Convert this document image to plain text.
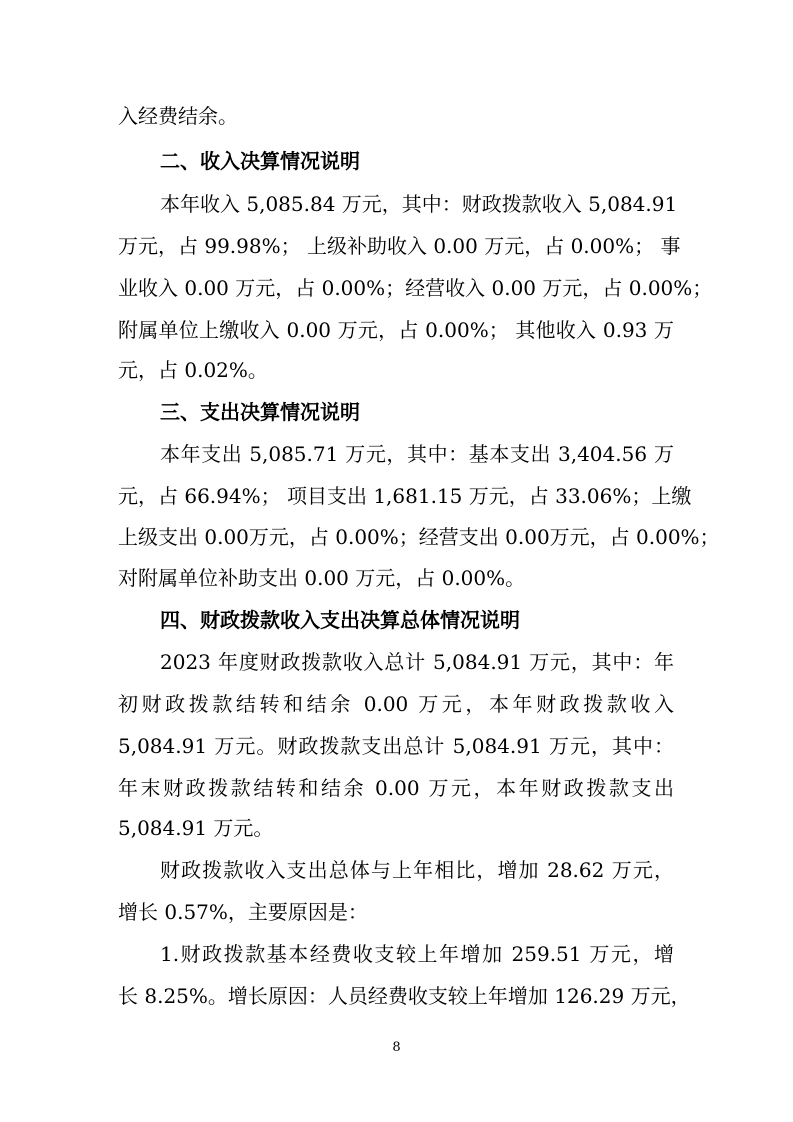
入经费结余。
二、收入决算情况说明
本年收入 5,085.84 万元，其中：财政拨款收入 5,084.91
万元，占 99.98%； 上级补助收入 0.00 万元，占 0.00%； 事
业收入 0.00 万元，占 0.00%；经营收入 0.00 万元，占 0.00%；
附属单位上缴收入 0.00 万元，占 0.00%； 其他收入 0.93 万
元，占 0.02%。
三、支出决算情况说明
本年支出 5,085.71 万元，其中：基本支出 3,404.56 万
元，占 66.94%； 项目支出 1,681.15 万元，占 33.06%；上缴
上级支出 0.00万元，占 0.00%；经营支出 0.00万元，占 0.00%；
对附属单位补助支出 0.00 万元，占 0.00%。
四、财政拨款收入支出决算总体情况说明
2023 年度财政拨款收入总计 5,084.91 万元，其中：年
初财政拨款结转和结余 0.00 万元，本年财政拨款收入
5,084.91 万元。财政拨款支出总计 5,084.91 万元，其中：
年末财政拨款结转和结余 0.00 万元，本年财政拨款支出
5,084.91 万元。
财政拨款收入支出总体与上年相比，增加 28.62 万元，
增长 0.57%，主要原因是：
1.财政拨款基本经费收支较上年增加 259.51 万元，增
长 8.25%。增长原因：人员经费收支较上年增加 126.29 万元，
8
